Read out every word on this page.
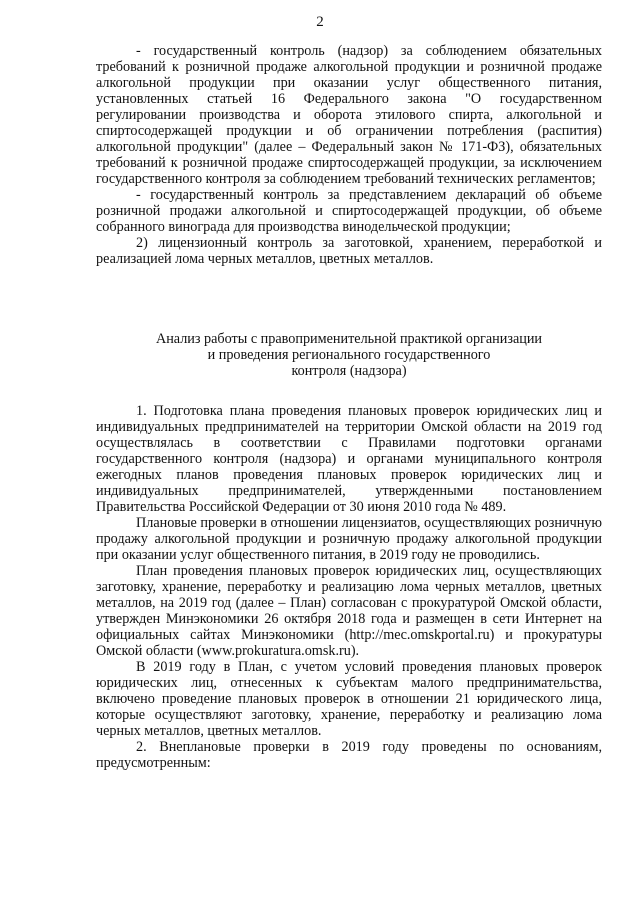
2

- государственный контроль (надзор) за соблюдением обязательных требований к розничной продаже алкогольной продукции и розничной продаже алкогольной продукции при оказании услуг общественного питания, установленных статьей 16 Федерального закона "О государственном регулировании производства и оборота этилового спирта, алкогольной и спиртосодержащей продукции и об ограничении потребления (распития) алкогольной продукции" (далее – Федеральный закон № 171-ФЗ), обязательных требований к розничной продаже спиртосодержащей продукции, за исключением государственного контроля за соблюдением требований технических регламентов;

- государственный контроль за представлением деклараций об объеме розничной продажи алкогольной и спиртосодержащей продукции, об объеме собранного винограда для производства винодельческой продукции;

2) лицензионный контроль за заготовкой, хранением, переработкой и реализацией лома черных металлов, цветных металлов.

Анализ работы с правоприменительной практикой организации
и проведения регионального государственного
контроля (надзора)

1. Подготовка плана проведения плановых проверок юридических лиц и индивидуальных предпринимателей на территории Омской области на 2019 год осуществлялась в соответствии с Правилами подготовки органами государственного контроля (надзора) и органами муниципального контроля ежегодных планов проведения плановых проверок юридических лиц и индивидуальных предпринимателей, утвержденными постановлением Правительства Российской Федерации от 30 июня 2010 года № 489.

Плановые проверки в отношении лицензиатов, осуществляющих розничную продажу алкогольной продукции и розничную продажу алкогольной продукции при оказании услуг общественного питания, в 2019 году не проводились.

План проведения плановых проверок юридических лиц, осуществляющих заготовку, хранение, переработку и реализацию лома черных металлов, цветных металлов, на 2019 год (далее – План) согласован с прокуратурой Омской области, утвержден Минэкономики 26 октября 2018 года и размещен в сети Интернет на официальных сайтах Минэкономики (http://mec.omskportal.ru) и прокуратуры Омской области (www.prokuratura.omsk.ru).

В 2019 году в План, с учетом условий проведения плановых проверок юридических лиц, отнесенных к субъектам малого предпринимательства, включено проведение плановых проверок в отношении 21 юридического лица, которые осуществляют заготовку, хранение, переработку и реализацию лома черных металлов, цветных металлов.

2. Внеплановые проверки в 2019 году проведены по основаниям, предусмотренным:
